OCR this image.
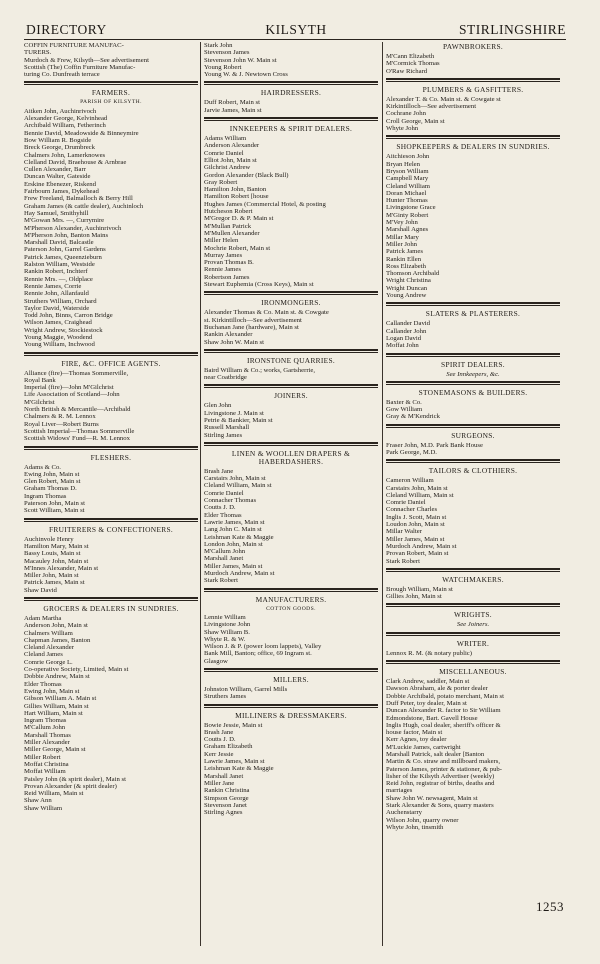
DIRECTORY	KILSYTH	STIRLINGSHIRE
COFFIN FURNITURE MANUFAC-
TURERS.
Murdoch & Frew, Kilsyth—See advertisement
Scottish (The) Coffin Furniture Manufac-
turing Co. Dunfreath terrace
FARMERS.
PARISH OF KILSYTH.
Aitken John, Auchinrivoch
Alexander George, Kelvinhead
Archibald William, Fetherinch
Bennie David, Meadowside & Binneymire
Bow William R. Bogside
Breck George, Drumbreck
Chalmers John, Lamerknowes
Clelland David, Braehouse & Arnbrae
Cullen Alexander, Barr
Duncan Walter, Gateside
Erskine Ebenezer, Riskend
Fairbourn James, Dykehead
Frew Freeland, Balmalloch & Berry Hill
Graham James (& cattle dealer), Auchinloch
Hay Samuel, Smithyhill
M'Gowan Mrs. —, Currymire
M'Pherson Alexander, Auchinrivoch
M'Pherson John, Banton Mains
Marshall David, Balcastle
Paterson John, Garrel Gardens
Patrick James, Queenzieburn
Ralston William, Westside
Rankin Robert, Inchterf
Rennie Mrs. —, Oldplace
Rennie James, Corrie
Rennie John, Allanfauld
Struthers William, Orchard
Taylor David, Waterside
Todd John, Binns, Carron Bridge
Wilson James, Craighead
Wright Andrew, Stockiestock
Young Maggie, Woodend
Young William, Inchwood
FIRE, &C. OFFICE AGENTS.
Alliance (fire)—Thomas Sommerville,
Royal Bank
Imperial (fire)—John M'Gilchrist
Life Association of Scotland—John
M'Gilchrist
North British & Mercantile—Archibald
Chalmers & R. M. Lennox
Royal Liver—Robert Burns
Scottish Imperial—Thomas Sommerville
Scottish Widows' Fund—R. M. Lennox
FLESHERS.
Adams & Co.
Ewing John, Main st
Glen Robert, Main st
Graham Thomas D.
Ingram Thomas
Paterson John, Main st
Scott William, Main st
FRUITERERS & CONFECTIONERS.
Auchinvole Henry
Hamilton Mary, Main st
Bassy Louis, Main st
Macauley John, Main st
M'Innes Alexander, Main st
Miller John, Main st
Patrick James, Main st
Shaw David
GROCERS & DEALERS IN SUNDRIES.
Adam Martha
Anderson John, Main st
Chalmers William
Chapman James, Banton
Cleland Alexander
Cleland James
Comrie George L.
Co-operative Society, Limited, Main st
Dobbie Andrew, Main st
Elder Thomas
Ewing John, Main st
Gibson William A. Main st
Gillies William, Main st
Hart William, Main st
Ingram Thomas
M'Callum John
Marshall Thomas
Miller Alexander
Miller George, Main st
Miller Robert
Moffat Christina
Moffat William
Paisley John (& spirit dealer), Main st
Provan Alexander (& spirit dealer)
Reid William, Main st
Shaw Ann
Shaw William
Stark John
Stevenson James
Stevenson John W. Main st
Young Robert
Young W. & J. Newtown Cross
HAIRDRESSERS.
Duff Robert, Main st
Jarvie James, Main st
INNKEEPERS & SPIRIT DEALERS.
Adams William
Anderson Alexander
Comrie Daniel
Elliot John, Main st
Gilchrist Andrew
Gordon Alexander (Black Bull)
Gray Robert
Hamilton John, Banton
Hamilton Robert [house
Hughes James (Commercial Hotel, & posting
Hutcheson Robert
M'Gregor D. & P. Main st
M'Mullan Patrick
M'Mullen Alexander
Miller Helen
Mochrie Robert, Main st
Murray James
Provan Thomas B.
Rennie James
Robertson James
Stewart Euphemia (Cross Keys), Main st
IRONMONGERS.
Alexander Thomas & Co. Main st. & Cowgate
st. Kirkintilloch—See advertisement
Buchanan Jane (hardware), Main st
Rankin Alexander
Shaw John W. Main st
IRONSTONE QUARRIES.
Baird William & Co.; works, Gartsherrie,
near Coatbridge
JOINERS.
Glen John
Livingstone J. Main st
Petrie & Bankier, Main st
Russell Marshall
Stirling James
LINEN & WOOLLEN DRAPERS & HABERDASHERS.
Brash Jane
Carstairs John, Main st
Cleland William, Main st
Comrie Daniel
Connacher Thomas
Coutts J. D.
Elder Thomas
Lawrie James, Main st
Lang John C. Main st
Leishman Kate & Maggie
London John, Main st
M'Callum John
Marshall Janet
Miller James, Main st
Murdoch Andrew, Main st
Stark Robert
MANUFACTURERS.
COTTON GOODS.
Lennie William
Livingstone John
Shaw William B.
Whyte R. & W.
Wilson J. & P. (power loom lappets), Valley
Bank Mill, Banton; office, 69 Ingram st.
Glasgow
MILLERS.
Johnston William, Garrel Mills
Struthers James
MILLINERS & DRESSMAKERS.
Bowie Jessie, Main st
Brash Jane
Coutts J. D.
Graham Elizabeth
Kerr Jessie
Lawrie James, Main st
Leishman Kate & Maggie
Marshall Janet
Miller Jane
Rankin Christina
Simpson George
Stevenson Janet
Stirling Agnes
PAWNBROKERS.
M'Cann Elizabeth
M'Cormick Thomas
O'Raw Richard
PLUMBERS & GASFITTERS.
Alexander T. & Co. Main st. & Cowgate st
Kirkintilloch—See advertisement
Cochrane John
Croll George, Main st
Whyte John
SHOPKEEPERS & DEALERS IN SUNDRIES.
Aitchieson John
Bryan Helen
Bryson William
Campbell Mary
Cleland William
Doran Michael
Hunter Thomas
Livingstone Grace
M'Ginty Robert
M'Vey John
Marshall Agnes
Millar Mary
Miller John
Patrick James
Rankin Ellen
Ross Elizabeth
Thomson Archibald
Wright Christina
Wright Duncan
Young Andrew
SLATERS & PLASTERERS.
Callander David
Callander John
Logan David
Moffat John
SPIRIT DEALERS.
See Innkeepers, &c.
STONEMASONS & BUILDERS.
Baxter & Co.
Gow William
Gray & M'Kendrick
SURGEONS.
Fraser John, M.D. Park Bank House
Park George, M.D.
TAILORS & CLOTHIERS.
Cameron William
Carstairs John, Main st
Cleland William, Main st
Comrie Daniel
Connacher Charles
Inglis J. Scott, Main st
Loudon John, Main st
Millar Walter
Miller James, Main st
Murdoch Andrew, Main st
Provan Robert, Main st
Stark Robert
WATCHMAKERS.
Brough William, Main st
Gillies John, Main st
WRIGHTS.
See Joiners.
WRITER.
Lennox R. M. (& notary public)
MISCELLANEOUS.
Clark Andrew, saddler, Main st
Dawson Abraham, ale & porter dealer
Dobbie Archibald, potato merchant, Main st
Duff Peter, toy dealer, Main st
Duncan Alexander R. factor to Sir William
Edmondstone, Bart. Gavell House
Inglis Hugh, coal dealer, sheriff's officer &
house factor, Main st
Kerr Agnes, toy dealer
M'Luckie James, cartwright
Marshall Patrick, salt dealer [Banton
Martin & Co. straw and millboard makers,
Paterson James, printer & stationer, & pub-
lisher of the Kilsyth Advertiser (weekly)
Reid John, registrar of births, deaths and
marriages
Shaw John W. newsagent, Main st
Stark Alexander & Sons, quarry masters
Auchenstarry
Wilson John, quarry owner
Whyte John, tinsmith
1253
